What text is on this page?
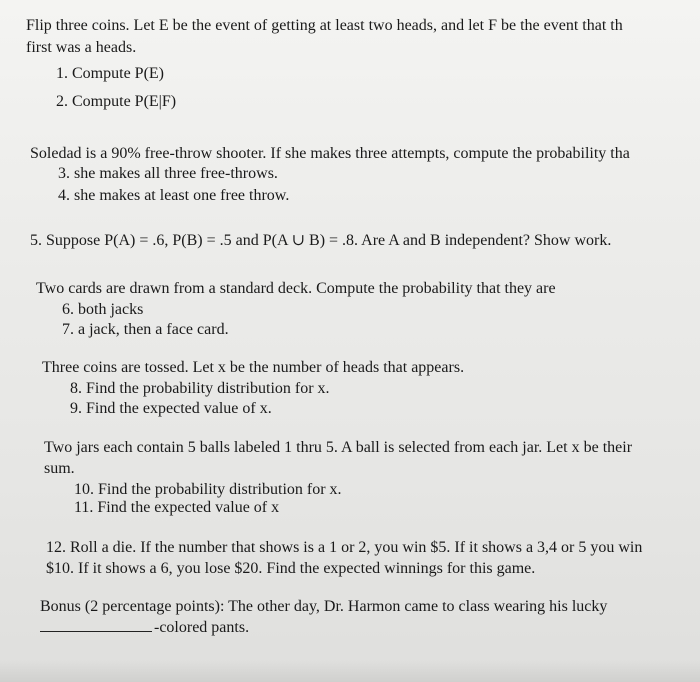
Flip three coins. Let E be the event of getting at least two heads, and let F be the event that th
first was a heads.
1. Compute P(E)
2. Compute P(E|F)
Soledad is a 90% free-throw shooter. If she makes three attempts, compute the probability tha
3. she makes all three free-throws.
4. she makes at least one free throw.
5. Suppose P(A) = .6, P(B) = .5 and P(A ∪ B) = .8. Are A and B independent? Show work.
Two cards are drawn from a standard deck. Compute the probability that they are
6. both jacks
7. a jack, then a face card.
Three coins are tossed. Let x be the number of heads that appears.
8. Find the probability distribution for x.
9. Find the expected value of x.
Two jars each contain 5 balls labeled 1 thru 5. A ball is selected from each jar. Let x be their
sum.
10. Find the probability distribution for x.
11. Find the expected value of x
12. Roll a die. If the number that shows is a 1 or 2, you win $5. If it shows a 3,4 or 5 you win
$10. If it shows a 6, you lose $20. Find the expected winnings for this game.
Bonus (2 percentage points): The other day, Dr. Harmon came to class wearing his lucky
-colored pants.
